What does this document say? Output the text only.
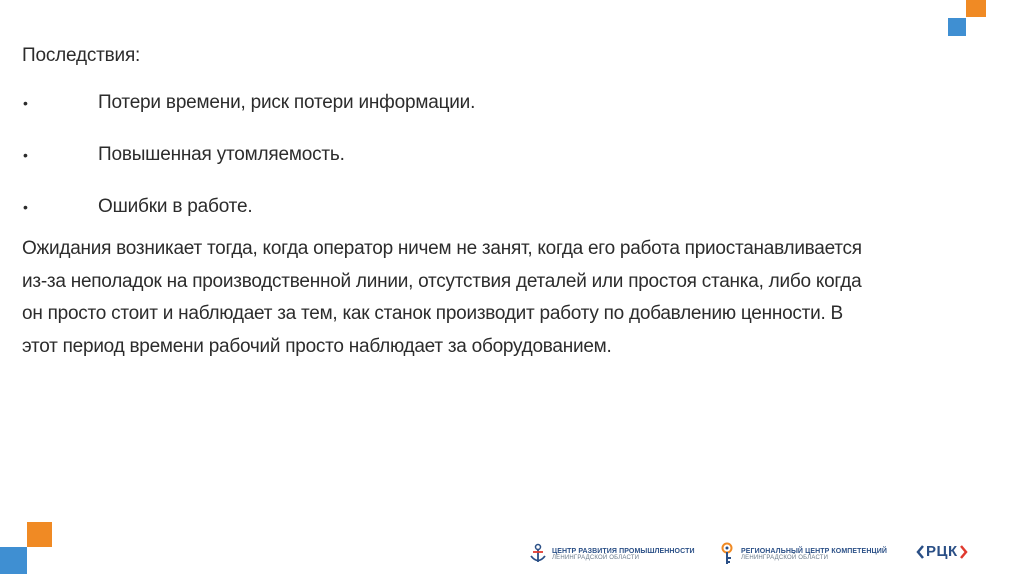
Последствия:

•	Потери времени, риск потери информации.
•	Повышенная утомляемость.
•	Ошибки в работе.

Ожидания возникает тогда, когда оператор ничем не занят, когда его работа приостанавливается
из-за неполадок на производственной линии, отсутствия деталей или простоя станка, либо когда
он просто стоит и наблюдает за тем, как станок производит работу по добавлению ценности. В
этот период времени рабочий просто наблюдает за оборудованием.

ЦЕНТР РАЗВИТИЯ ПРОМЫШЛЕННОСТИ
ЛЕНИНГРАДСКОЙ ОБЛАСТИ
РЕГИОНАЛЬНЫЙ ЦЕНТР КОМПЕТЕНЦИЙ
ЛЕНИНГРАДСКОЙ ОБЛАСТИ	РЦК
